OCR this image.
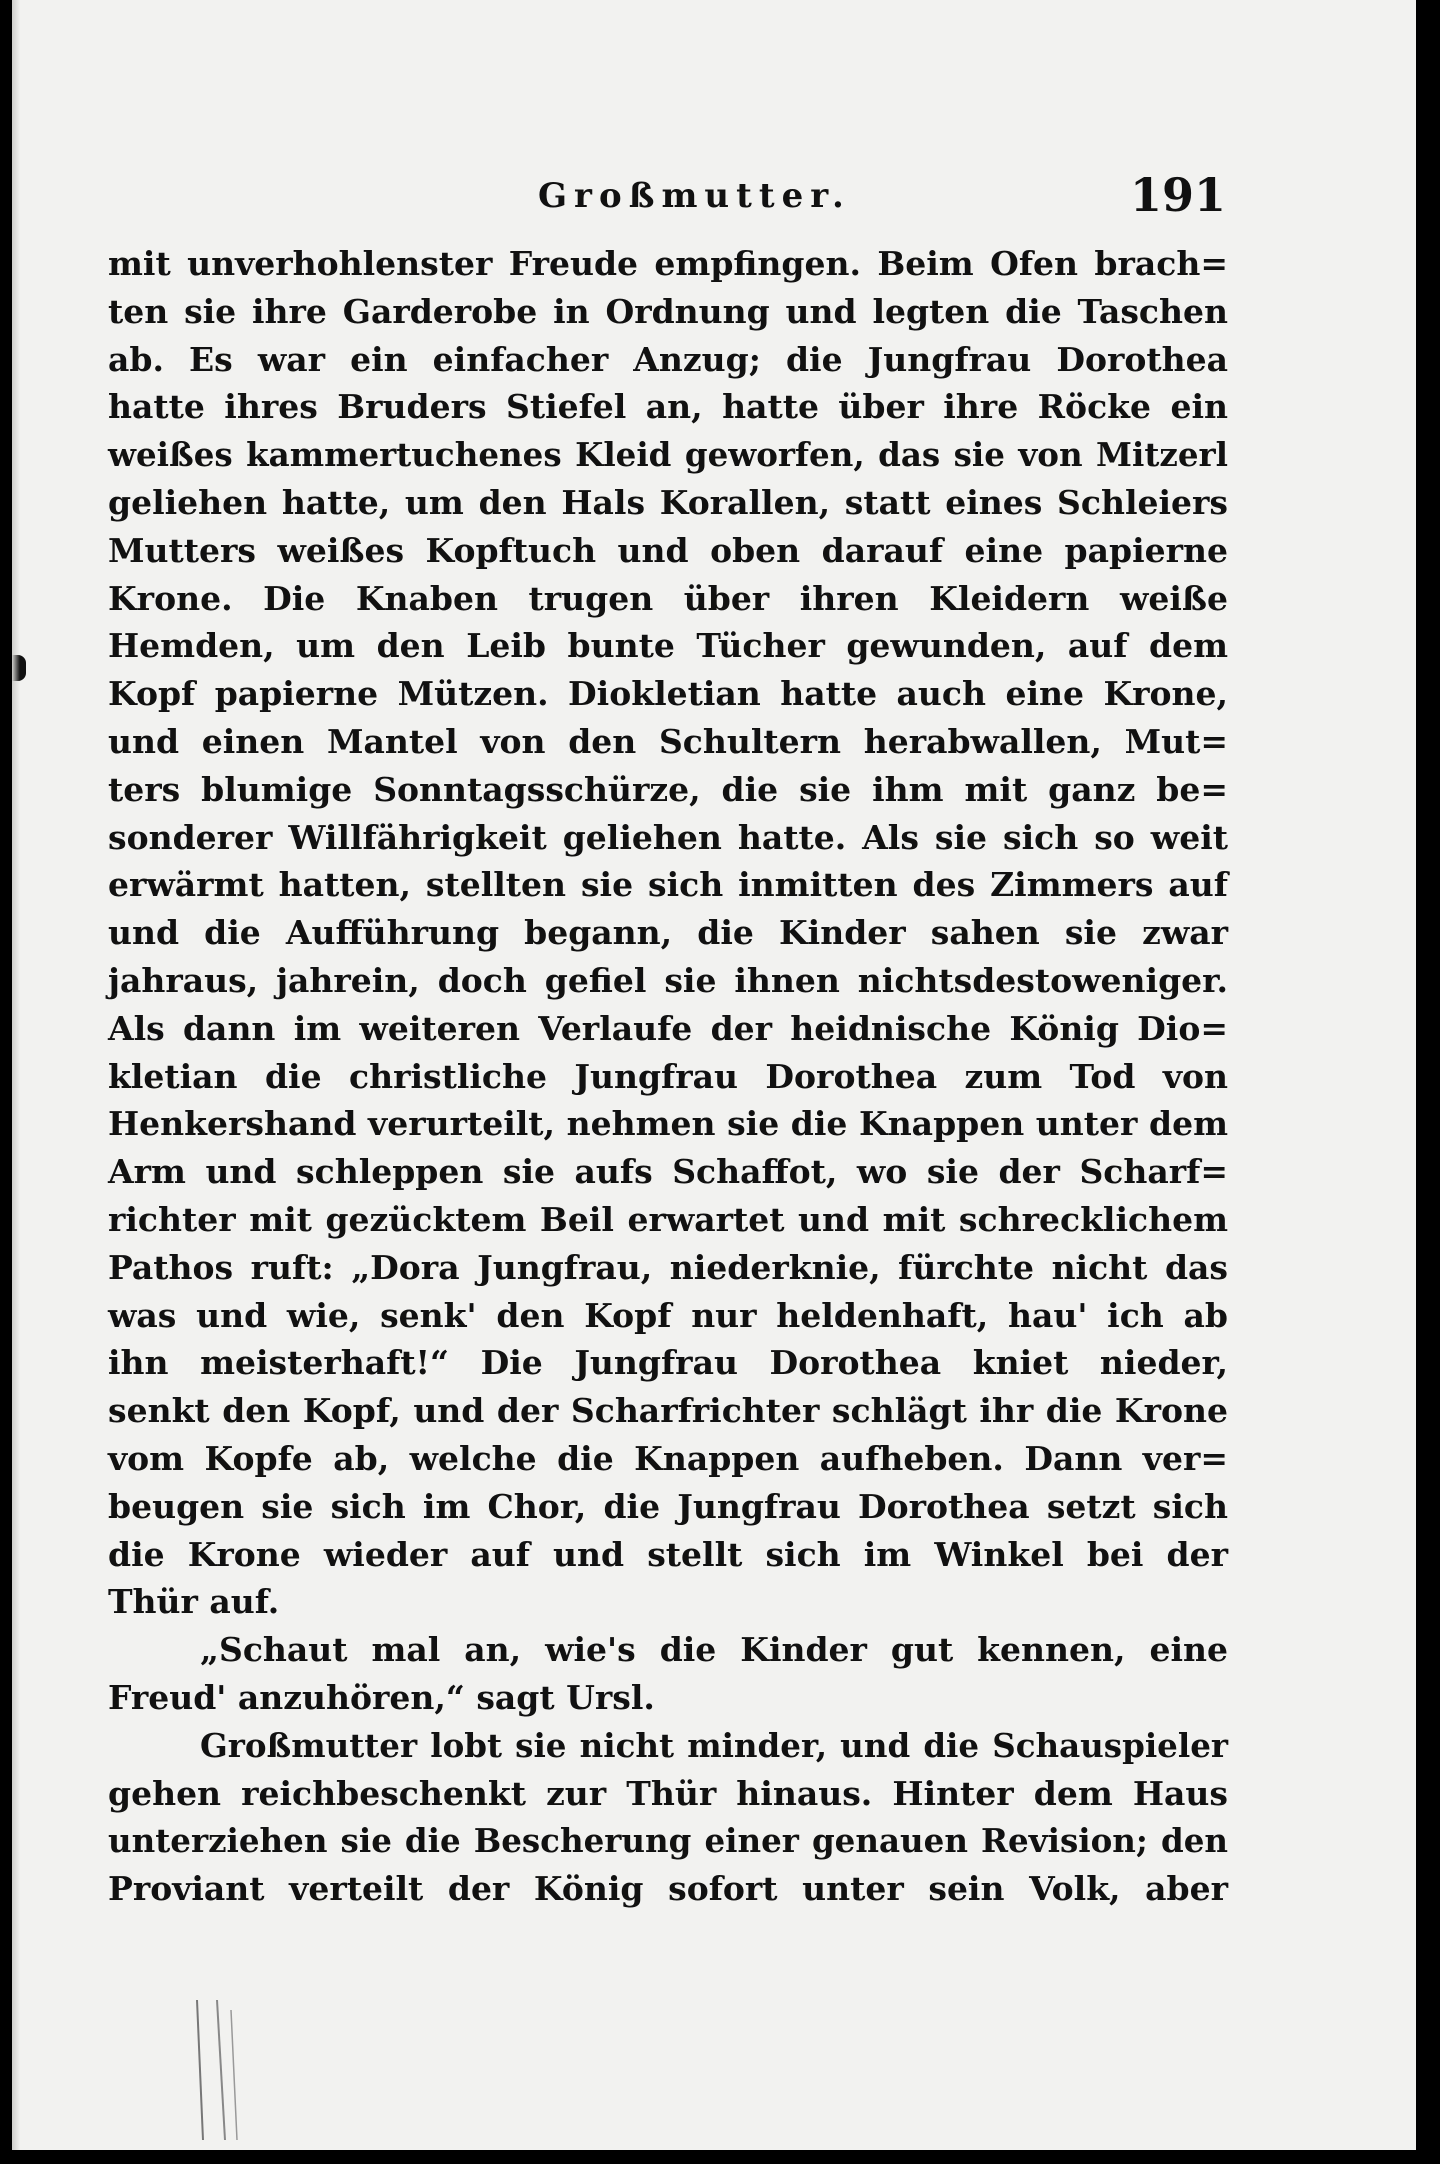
Großmutter.	191
mit unverhohlenster Freude empfingen. Beim Ofen brach=
ten sie ihre Garderobe in Ordnung und legten die Taschen
ab. Es war ein einfacher Anzug; die Jungfrau Dorothea
hatte ihres Bruders Stiefel an, hatte über ihre Röcke ein
weißes kammertuchenes Kleid geworfen, das sie von Mitzerl
geliehen hatte, um den Hals Korallen, statt eines Schleiers
Mutters weißes Kopftuch und oben darauf eine papierne
Krone. Die Knaben trugen über ihren Kleidern weiße
Hemden, um den Leib bunte Tücher gewunden, auf dem
Kopf papierne Mützen. Diokletian hatte auch eine Krone,
und einen Mantel von den Schultern herabwallen, Mut=
ters blumige Sonntagsschürze, die sie ihm mit ganz be=
sonderer Willfährigkeit geliehen hatte. Als sie sich so weit
erwärmt hatten, stellten sie sich inmitten des Zimmers auf
und die Aufführung begann, die Kinder sahen sie zwar
jahraus, jahrein, doch gefiel sie ihnen nichtsdestoweniger.
Als dann im weiteren Verlaufe der heidnische König Dio=
kletian die christliche Jungfrau Dorothea zum Tod von
Henkershand verurteilt, nehmen sie die Knappen unter dem
Arm und schleppen sie aufs Schaffot, wo sie der Scharf=
richter mit gezücktem Beil erwartet und mit schrecklichem
Pathos ruft: „Dora Jungfrau, niederknie, fürchte nicht das
was und wie, senk' den Kopf nur heldenhaft, hau' ich ab
ihn meisterhaft!“ Die Jungfrau Dorothea kniet nieder,
senkt den Kopf, und der Scharfrichter schlägt ihr die Krone
vom Kopfe ab, welche die Knappen aufheben. Dann ver=
beugen sie sich im Chor, die Jungfrau Dorothea setzt sich
die Krone wieder auf und stellt sich im Winkel bei der
Thür auf.
„Schaut mal an, wie's die Kinder gut kennen, eine
Freud' anzuhören,“ sagt Ursl.
Großmutter lobt sie nicht minder, und die Schauspieler
gehen reichbeschenkt zur Thür hinaus. Hinter dem Haus
unterziehen sie die Bescherung einer genauen Revision; den
Proviant verteilt der König sofort unter sein Volk, aber
